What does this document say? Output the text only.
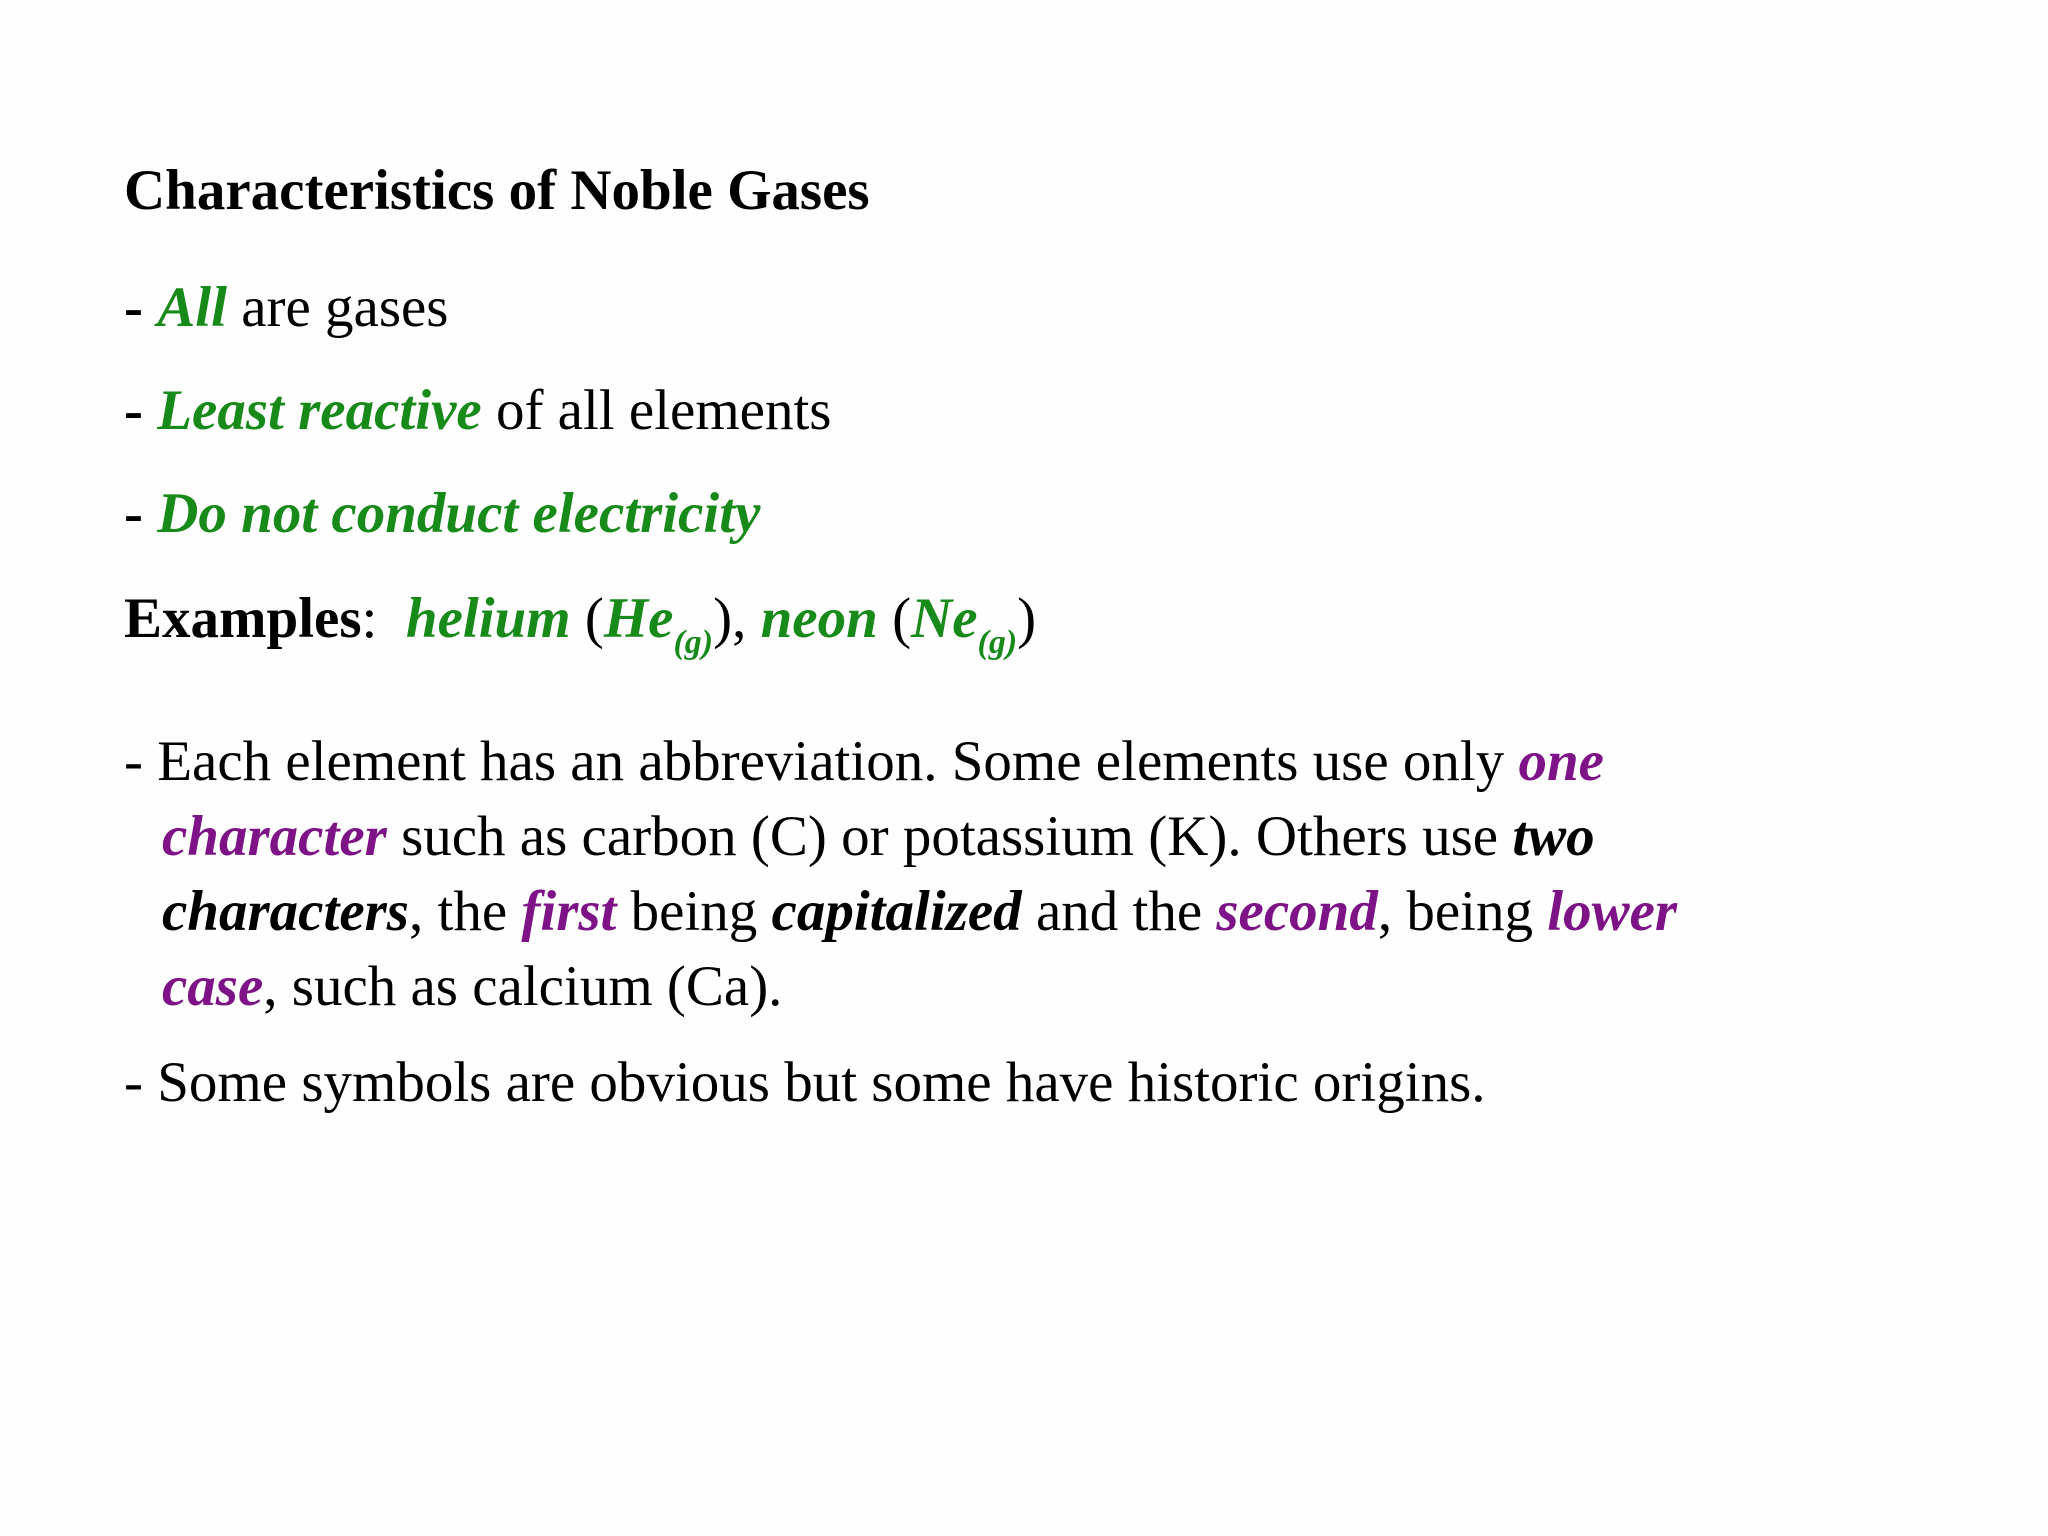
Characteristics of Noble Gases
- All are gases
- Least reactive of all elements
- Do not conduct electricity
Examples: helium $(He_{(g)})$, neon $(Ne_{(g)})$
- Each element has an abbreviation. Some elements use only one
character such as carbon (C) or potassium (K). Others use two
characters, the first being capitalized and the second, being lower
case, such as calcium (Ca).
- Some symbols are obvious but some have historic origins.
